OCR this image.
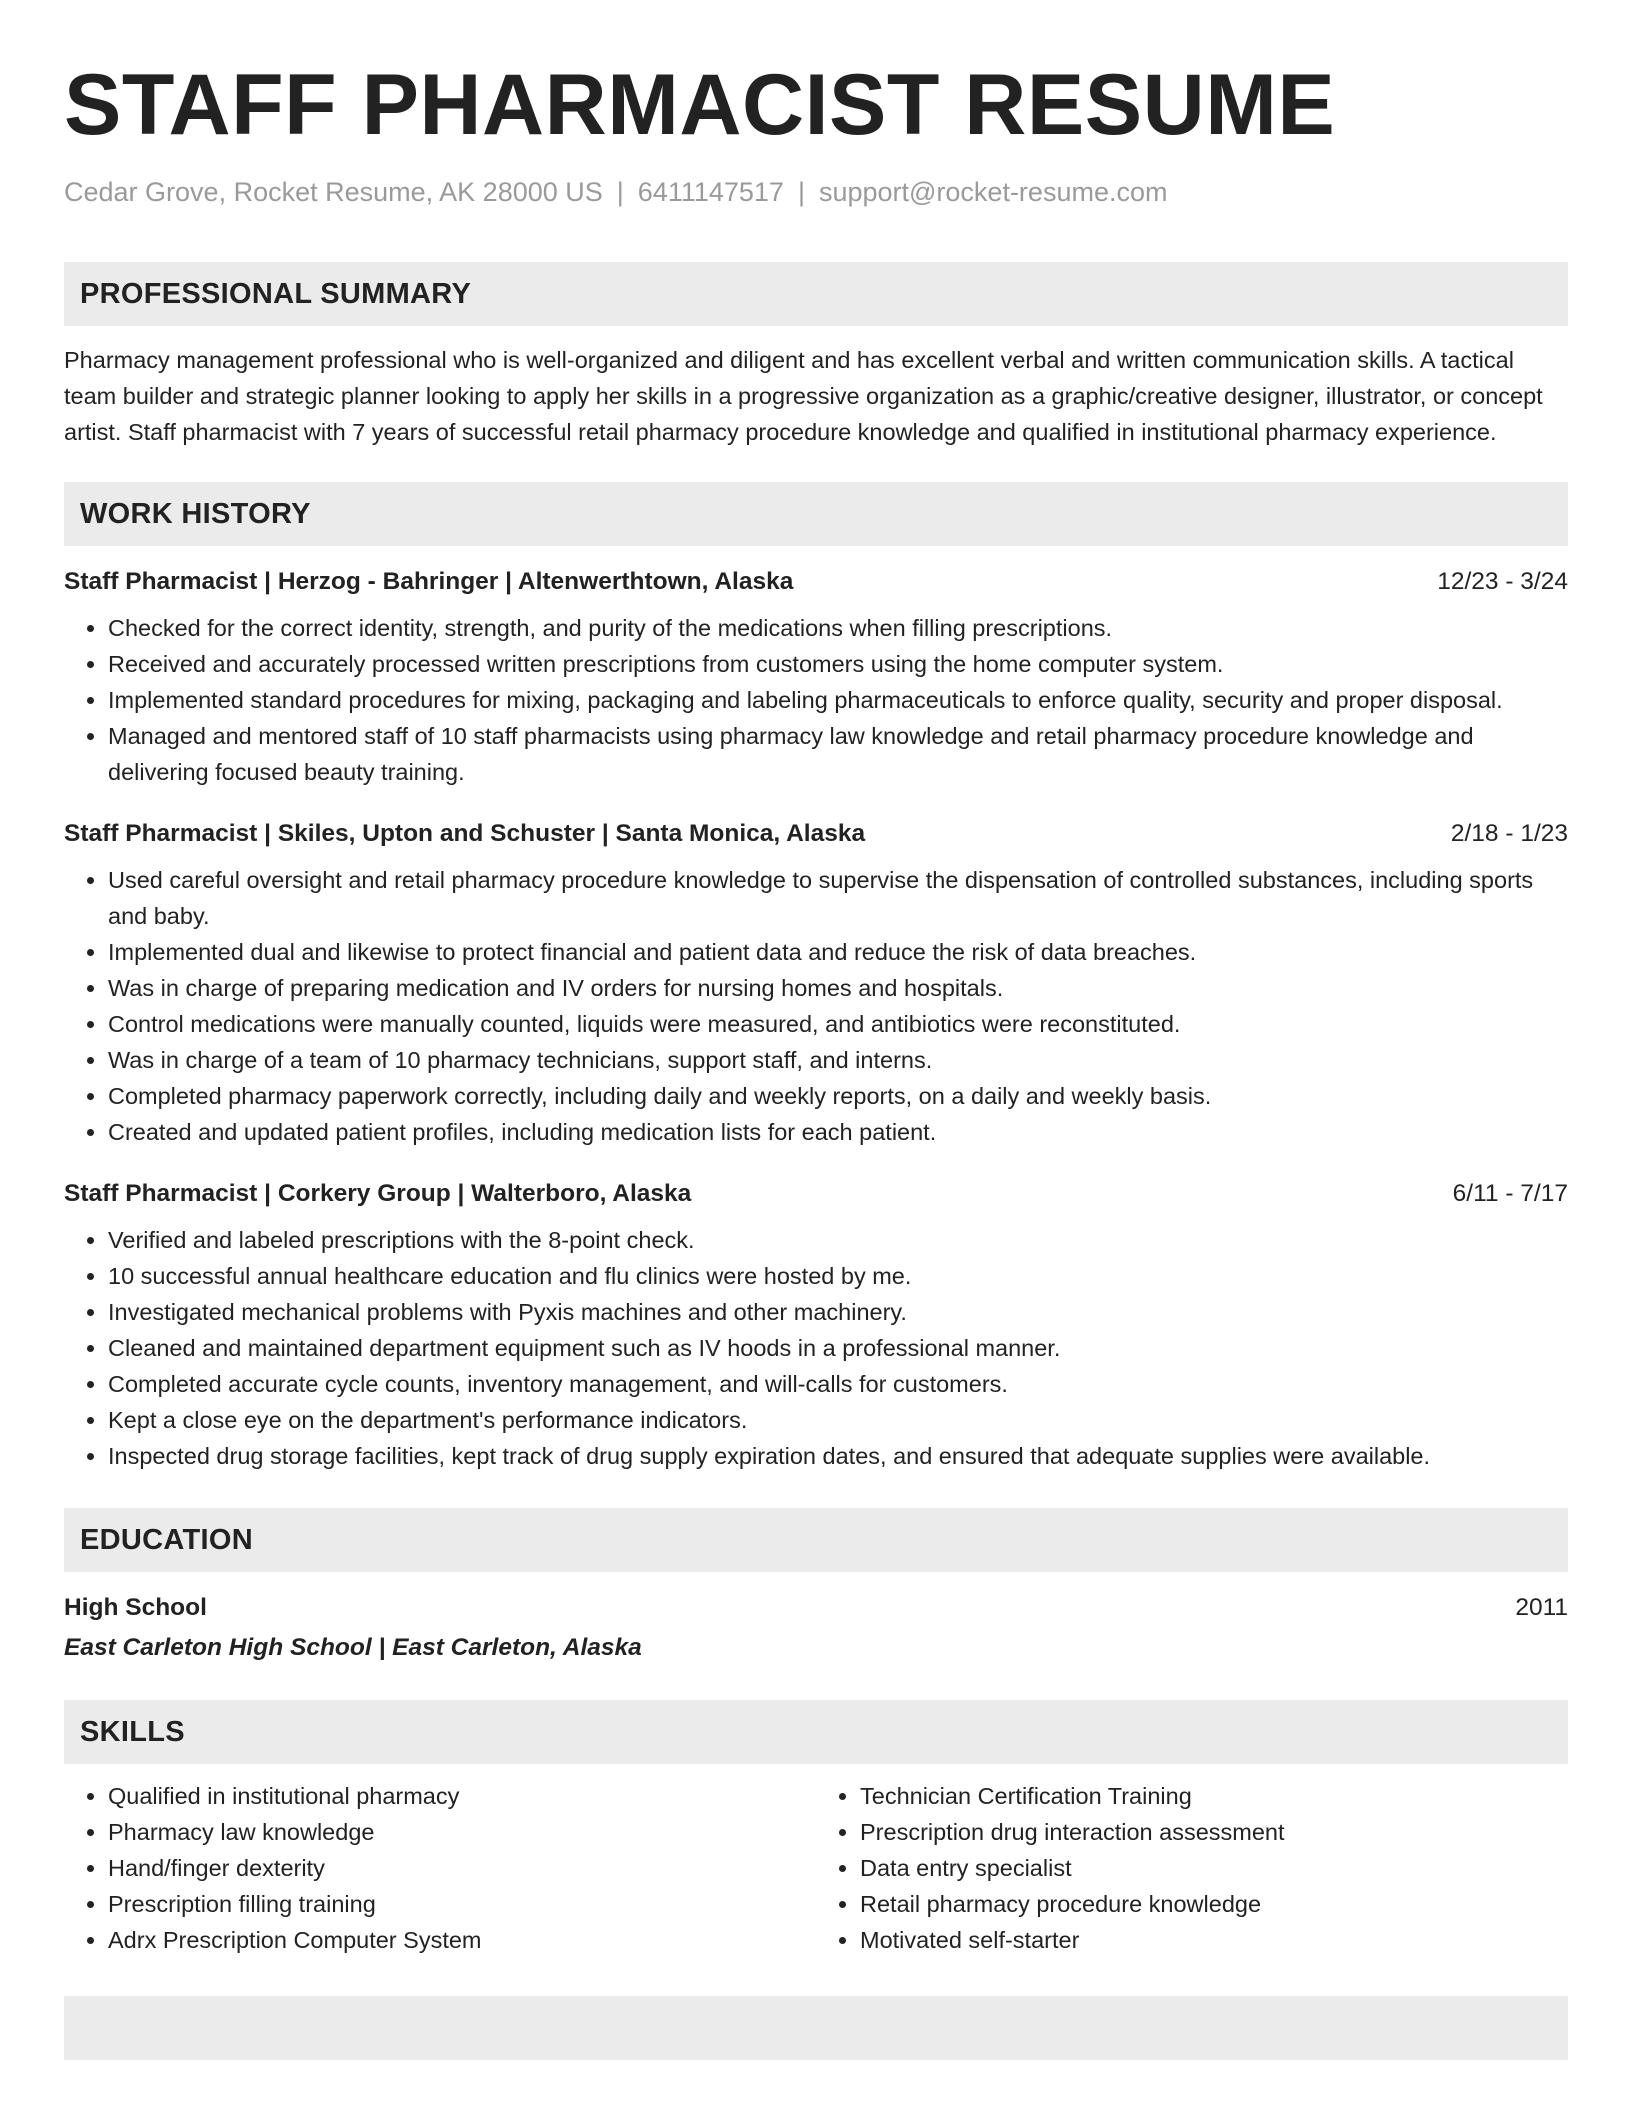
STAFF PHARMACIST RESUME
Cedar Grove, Rocket Resume, AK 28000 US | 6411147517 | support@rocket-resume.com
PROFESSIONAL SUMMARY
Pharmacy management professional who is well-organized and diligent and has excellent verbal and written communication skills. A tactical team builder and strategic planner looking to apply her skills in a progressive organization as a graphic/creative designer, illustrator, or concept artist. Staff pharmacist with 7 years of successful retail pharmacy procedure knowledge and qualified in institutional pharmacy experience.
WORK HISTORY
Staff Pharmacist | Herzog - Bahringer | Altenwerthtown, Alaska	12/23 - 3/24
• Checked for the correct identity, strength, and purity of the medications when filling prescriptions.
• Received and accurately processed written prescriptions from customers using the home computer system.
• Implemented standard procedures for mixing, packaging and labeling pharmaceuticals to enforce quality, security and proper disposal.
• Managed and mentored staff of 10 staff pharmacists using pharmacy law knowledge and retail pharmacy procedure knowledge and delivering focused beauty training.
Staff Pharmacist | Skiles, Upton and Schuster | Santa Monica, Alaska	2/18 - 1/23
• Used careful oversight and retail pharmacy procedure knowledge to supervise the dispensation of controlled substances, including sports and baby.
• Implemented dual and likewise to protect financial and patient data and reduce the risk of data breaches.
• Was in charge of preparing medication and IV orders for nursing homes and hospitals.
• Control medications were manually counted, liquids were measured, and antibiotics were reconstituted.
• Was in charge of a team of 10 pharmacy technicians, support staff, and interns.
• Completed pharmacy paperwork correctly, including daily and weekly reports, on a daily and weekly basis.
• Created and updated patient profiles, including medication lists for each patient.
Staff Pharmacist | Corkery Group | Walterboro, Alaska	6/11 - 7/17
• Verified and labeled prescriptions with the 8-point check.
• 10 successful annual healthcare education and flu clinics were hosted by me.
• Investigated mechanical problems with Pyxis machines and other machinery.
• Cleaned and maintained department equipment such as IV hoods in a professional manner.
• Completed accurate cycle counts, inventory management, and will-calls for customers.
• Kept a close eye on the department's performance indicators.
• Inspected drug storage facilities, kept track of drug supply expiration dates, and ensured that adequate supplies were available.
EDUCATION
High School	2011
East Carleton High School | East Carleton, Alaska
SKILLS
• Qualified in institutional pharmacy
• Pharmacy law knowledge
• Hand/finger dexterity
• Prescription filling training
• Adrx Prescription Computer System
• Technician Certification Training
• Prescription drug interaction assessment
• Data entry specialist
• Retail pharmacy procedure knowledge
• Motivated self-starter
